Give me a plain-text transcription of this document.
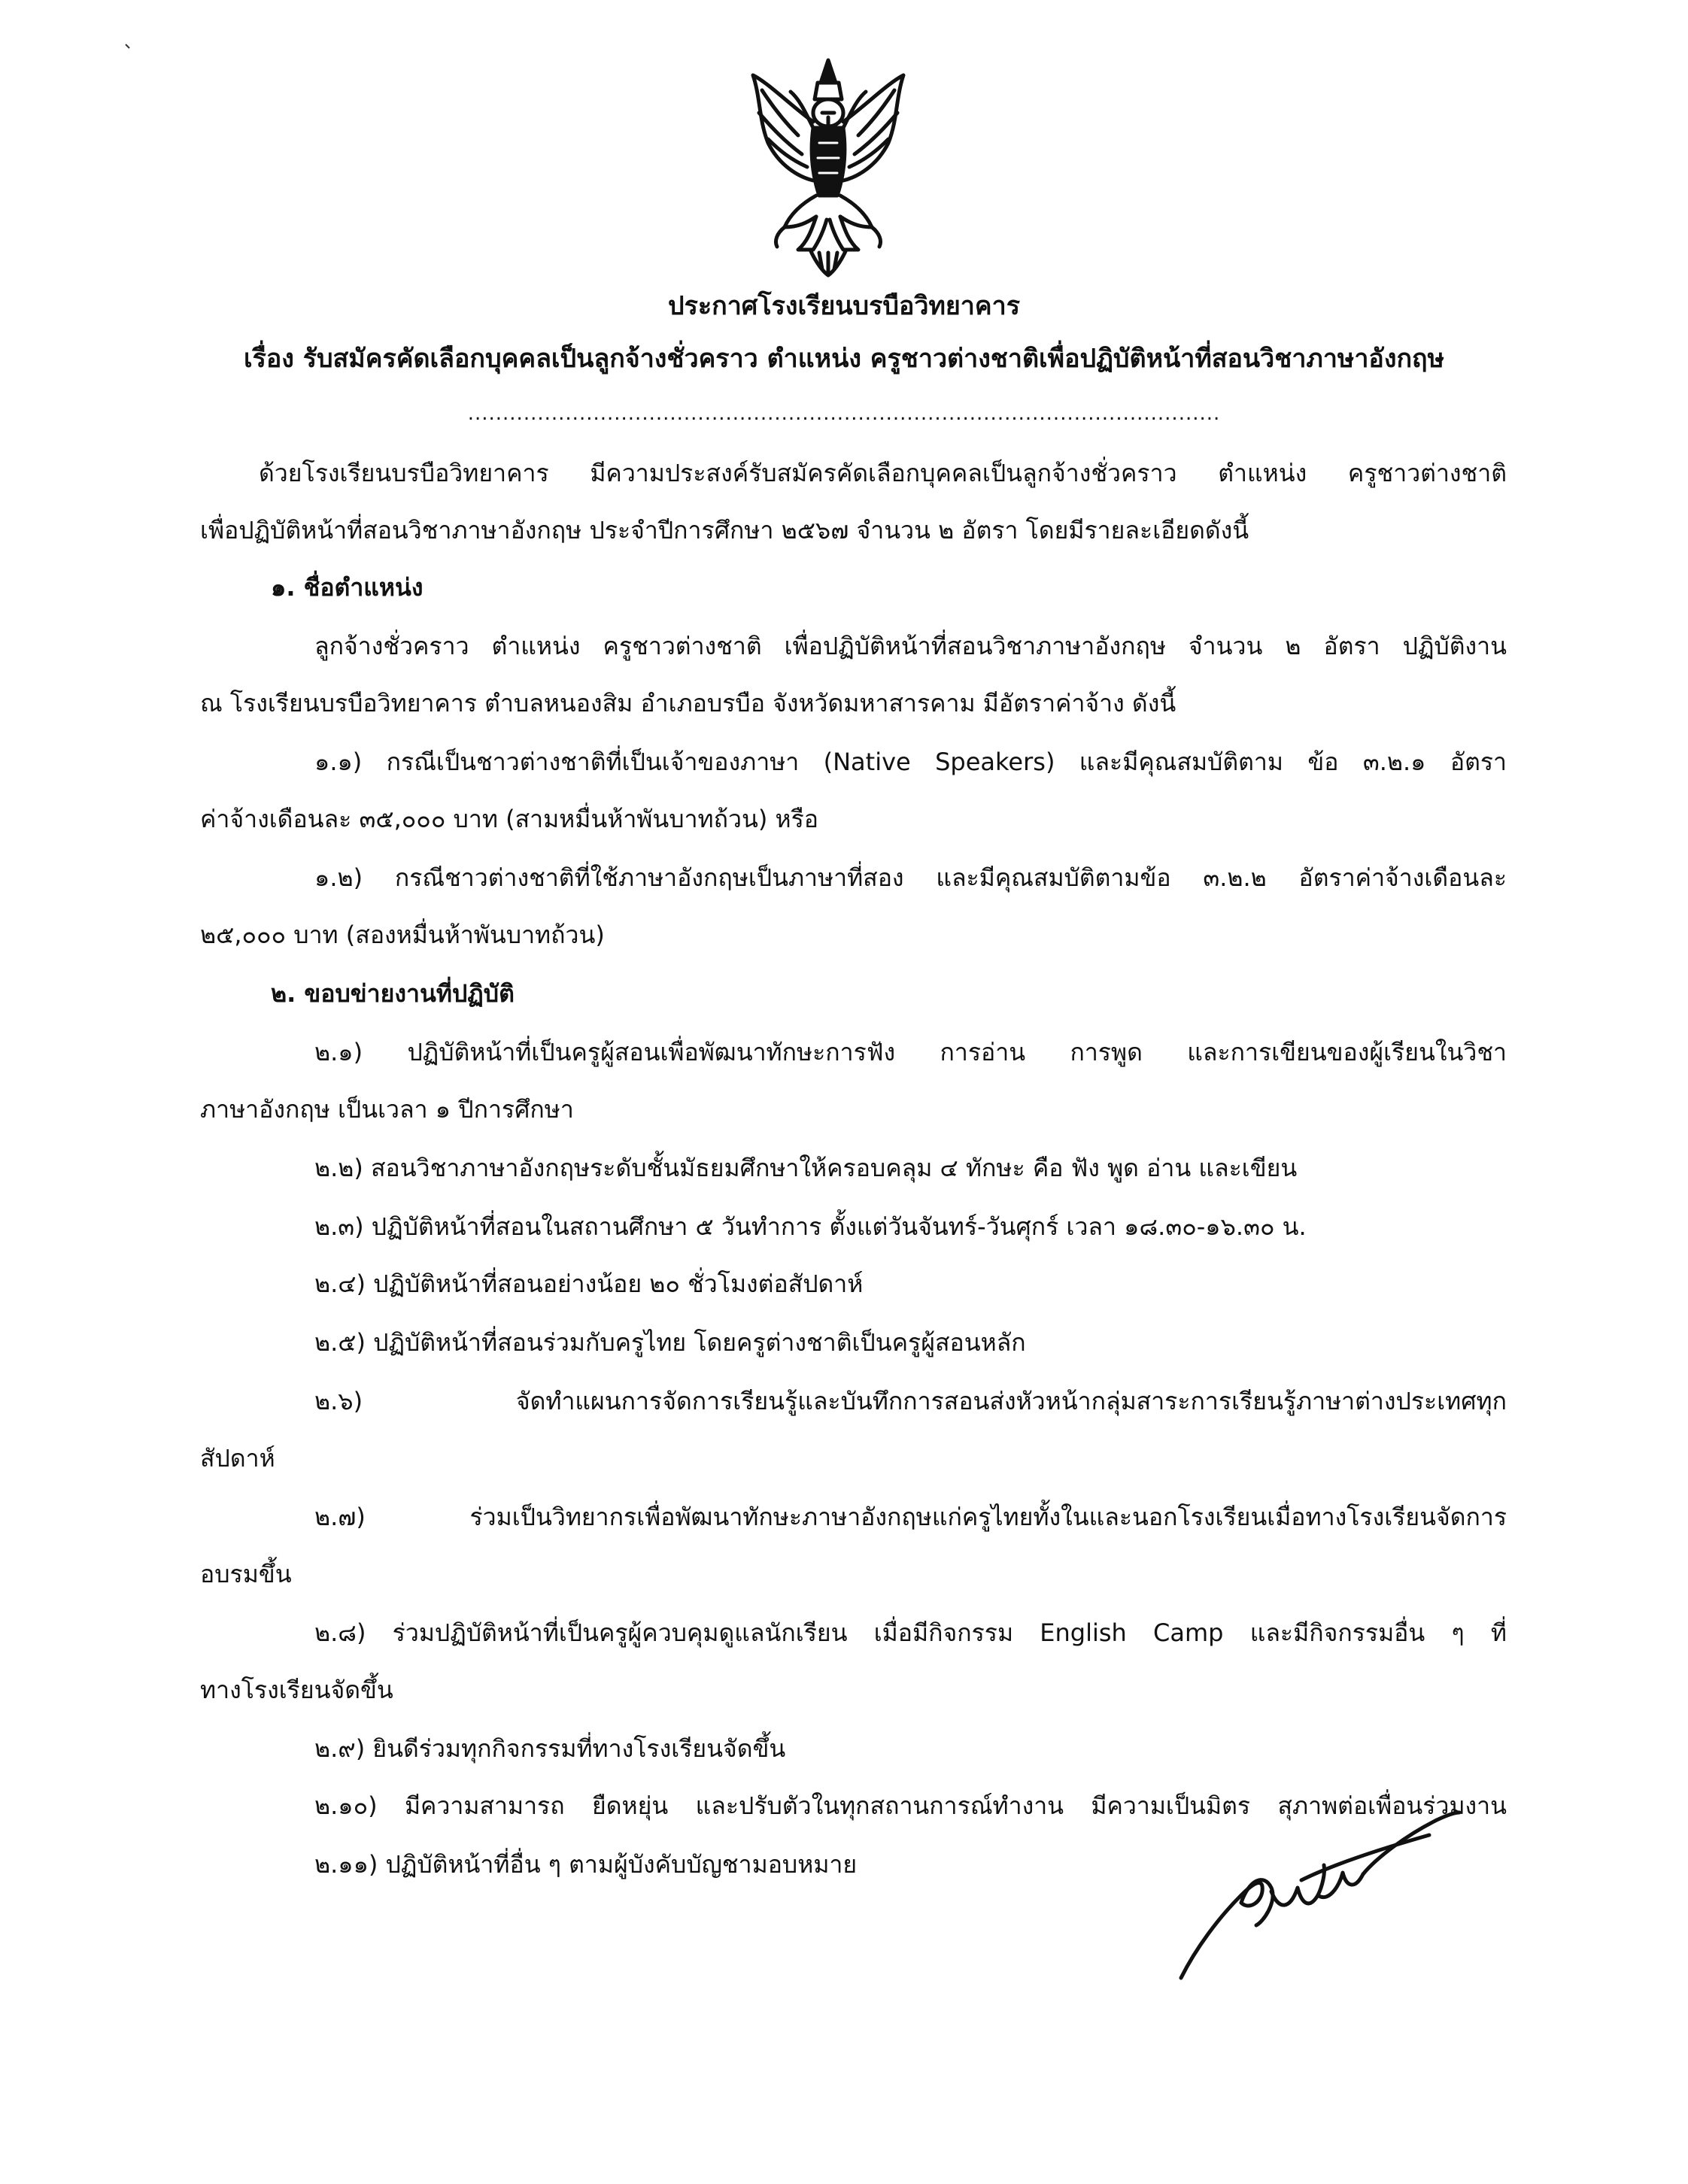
ประกาศโรงเรียนบรบือวิทยาคาร
เรื่อง รับสมัครคัดเลือกบุคคลเป็นลูกจ้างชั่วคราว ตำแหน่ง ครูชาวต่างชาติเพื่อปฏิบัติหน้าที่สอนวิชาภาษาอังกฤษ
............................................................................................................
ด้วยโรงเรียนบรบือวิทยาคาร มีความประสงค์รับสมัครคัดเลือกบุคคลเป็นลูกจ้างชั่วคราว ตำแหน่ง ครูชาวต่างชาติ
เพื่อปฏิบัติหน้าที่สอนวิชาภาษาอังกฤษ ประจำปีการศึกษา ๒๕๖๗ จำนวน ๒ อัตรา โดยมีรายละเอียดดังนี้
๑. ชื่อตำแหน่ง
ลูกจ้างชั่วคราว ตำแหน่ง ครูชาวต่างชาติ เพื่อปฏิบัติหน้าที่สอนวิชาภาษาอังกฤษ จำนวน ๒ อัตรา ปฏิบัติงาน
ณ โรงเรียนบรบือวิทยาคาร ตำบลหนองสิม อำเภอบรบือ จังหวัดมหาสารคาม มีอัตราค่าจ้าง ดังนี้
๑.๑) กรณีเป็นชาวต่างชาติที่เป็นเจ้าของภาษา (Native Speakers) และมีคุณสมบัติตาม ข้อ ๓.๒.๑ อัตรา
ค่าจ้างเดือนละ ๓๕,๐๐๐ บาท (สามหมื่นห้าพันบาทถ้วน) หรือ
๑.๒) กรณีชาวต่างชาติที่ใช้ภาษาอังกฤษเป็นภาษาที่สอง และมีคุณสมบัติตามข้อ ๓.๒.๒ อัตราค่าจ้างเดือนละ
๒๕,๐๐๐ บาท (สองหมื่นห้าพันบาทถ้วน)
๒. ขอบข่ายงานที่ปฏิบัติ
๒.๑) ปฏิบัติหน้าที่เป็นครูผู้สอนเพื่อพัฒนาทักษะการฟัง การอ่าน การพูด และการเขียนของผู้เรียนในวิชา
ภาษาอังกฤษ เป็นเวลา ๑ ปีการศึกษา
๒.๒) สอนวิชาภาษาอังกฤษระดับชั้นมัธยมศึกษาให้ครอบคลุม ๔ ทักษะ คือ ฟัง พูด อ่าน และเขียน
๒.๓) ปฏิบัติหน้าที่สอนในสถานศึกษา ๕ วันทำการ ตั้งแต่วันจันทร์-วันศุกร์ เวลา ๑๘.๓๐-๑๖.๓๐ น.
๒.๔) ปฏิบัติหน้าที่สอนอย่างน้อย ๒๐ ชั่วโมงต่อสัปดาห์
๒.๕) ปฏิบัติหน้าที่สอนร่วมกับครูไทย โดยครูต่างชาติเป็นครูผู้สอนหลัก
๒.๖) จัดทำแผนการจัดการเรียนรู้และบันทึกการสอนส่งหัวหน้ากลุ่มสาระการเรียนรู้ภาษาต่างประเทศทุก
สัปดาห์
๒.๗) ร่วมเป็นวิทยากรเพื่อพัฒนาทักษะภาษาอังกฤษแก่ครูไทยทั้งในและนอกโรงเรียนเมื่อทางโรงเรียนจัดการ
อบรมขึ้น
๒.๘) ร่วมปฏิบัติหน้าที่เป็นครูผู้ควบคุมดูแลนักเรียน เมื่อมีกิจกรรม English Camp และมีกิจกรรมอื่น ๆ ที่
ทางโรงเรียนจัดขึ้น
๒.๙) ยินดีร่วมทุกกิจกรรมที่ทางโรงเรียนจัดขึ้น
๒.๑๐) มีความสามารถ ยืดหยุ่น และปรับตัวในทุกสถานการณ์ทำงาน มีความเป็นมิตร สุภาพต่อเพื่อนร่วมงาน
๒.๑๑) ปฏิบัติหน้าที่อื่น ๆ ตามผู้บังคับบัญชามอบหมาย
